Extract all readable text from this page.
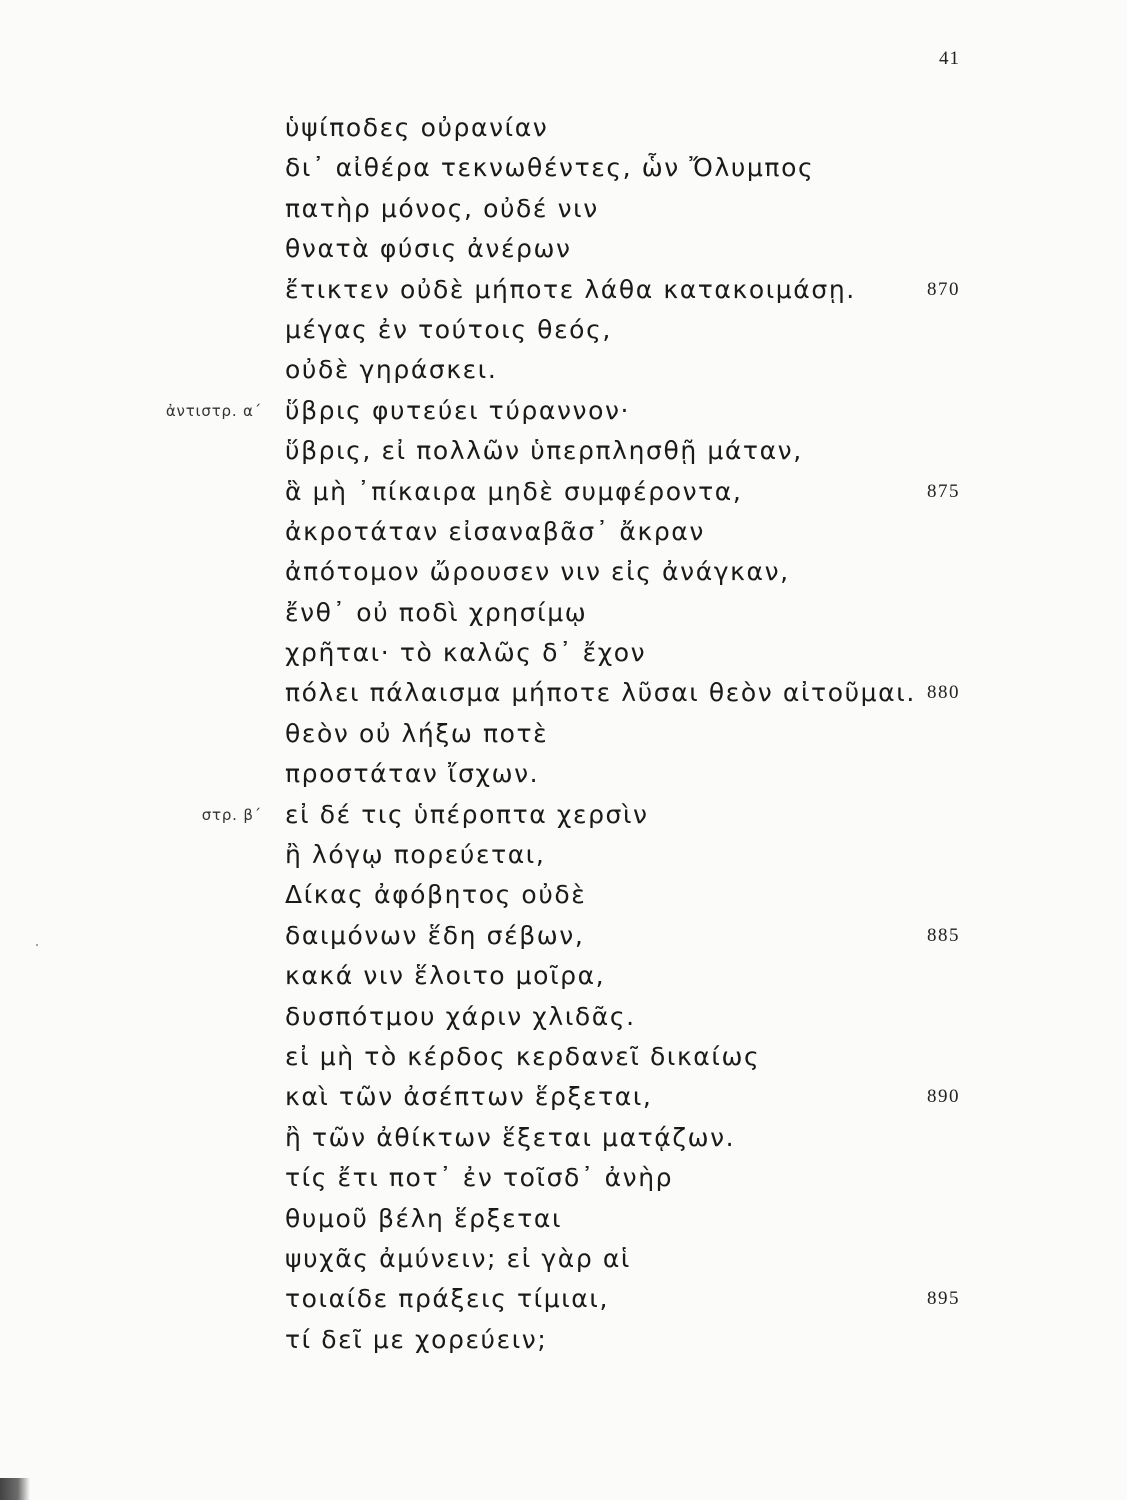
41
ὑψίποδες οὐρανίαν
δι᾽ αἰθέρα τεκνωθέντες, ὧν Ὄλυμπος
πατὴρ μόνος, οὐδέ νιν
θνατὰ φύσις ἀνέρων
ἔτικτεν οὐδὲ μήποτε λάθα κατακοιμάσῃ.	870
μέγας ἐν τούτοις θεός,
οὐδὲ γηράσκει.
ἀντιστρ. α΄ ὕβρις φυτεύει τύραννον·
ὕβρις, εἰ πολλῶν ὑπερπλησθῇ μάταν,
ἃ μὴ ᾽πίκαιρα μηδὲ συμφέροντα,	875
ἀκροτάταν εἰσαναβᾶσ᾽ ἄκραν
ἀπότομον ὤρουσεν νιν εἰς ἀνάγκαν,
ἔνθ᾽ οὐ ποδὶ χρησίμῳ
χρῆται· τὸ καλῶς δ᾽ ἔχον
πόλει πάλαισμα μήποτε λῦσαι θεὸν αἰτοῦμαι. 880
θεὸν οὐ λήξω ποτὲ
προστάταν ἴσχων.
στρ. β΄ εἰ δέ τις ὑπέροπτα χερσὶν
ἢ λόγῳ πορεύεται,
Δίκας ἀφόβητος οὐδὲ
δαιμόνων ἕδη σέβων,	885
κακά νιν ἕλοιτο μοῖρα,
δυσπότμου χάριν χλιδᾶς.
εἰ μὴ τὸ κέρδος κερδανεῖ δικαίως
καὶ τῶν ἀσέπτων ἕρξεται,	890
ἢ τῶν ἀθίκτων ἕξεται ματᾴζων.
τίς ἔτι ποτ᾽ ἐν τοῖσδ᾽ ἀνὴρ
θυμοῦ βέλη ἕρξεται
ψυχᾶς ἀμύνειν; εἰ γὰρ αἱ
τοιαίδε πράξεις τίμιαι,	895
τί δεῖ με χορεύειν;
